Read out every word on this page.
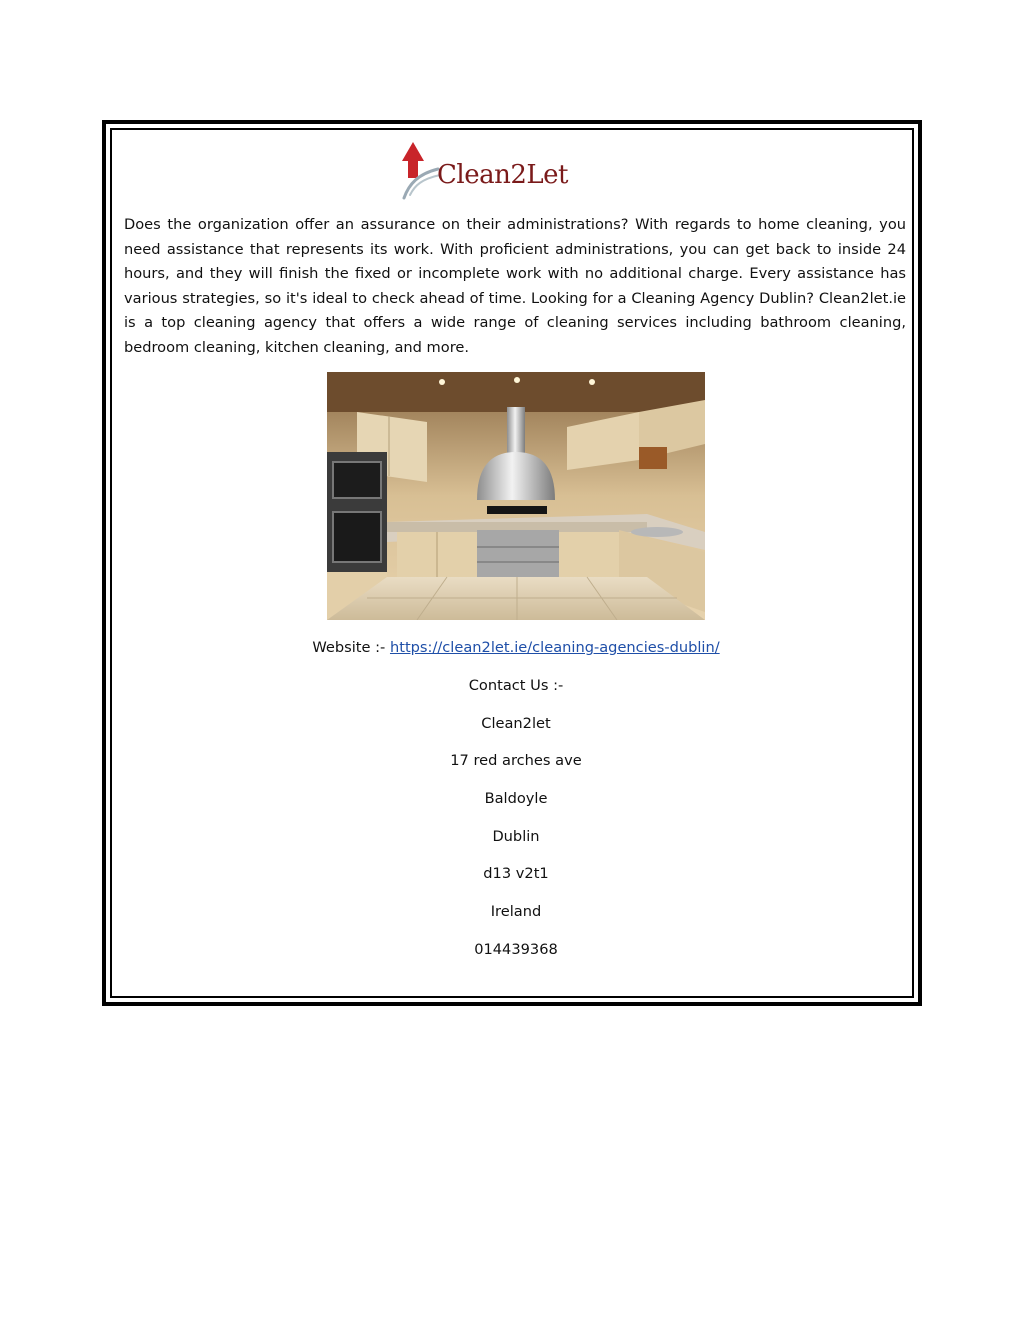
Clean2Let

Does the organization offer an assurance on their administrations? With regards to home cleaning, you need assistance that represents its work. With proficient administrations, you can get back to inside 24 hours, and they will finish the fixed or incomplete work with no additional charge. Every assistance has various strategies, so it's ideal to check ahead of time. Looking for a Cleaning Agency Dublin? Clean2let.ie is a top cleaning agency that offers a wide range of cleaning services including bathroom cleaning, bedroom cleaning, kitchen cleaning, and more.

Website :- https://clean2let.ie/cleaning-agencies-dublin/

Contact Us :-

Clean2let

17 red arches ave

Baldoyle

Dublin

d13 v2t1

Ireland

014439368
